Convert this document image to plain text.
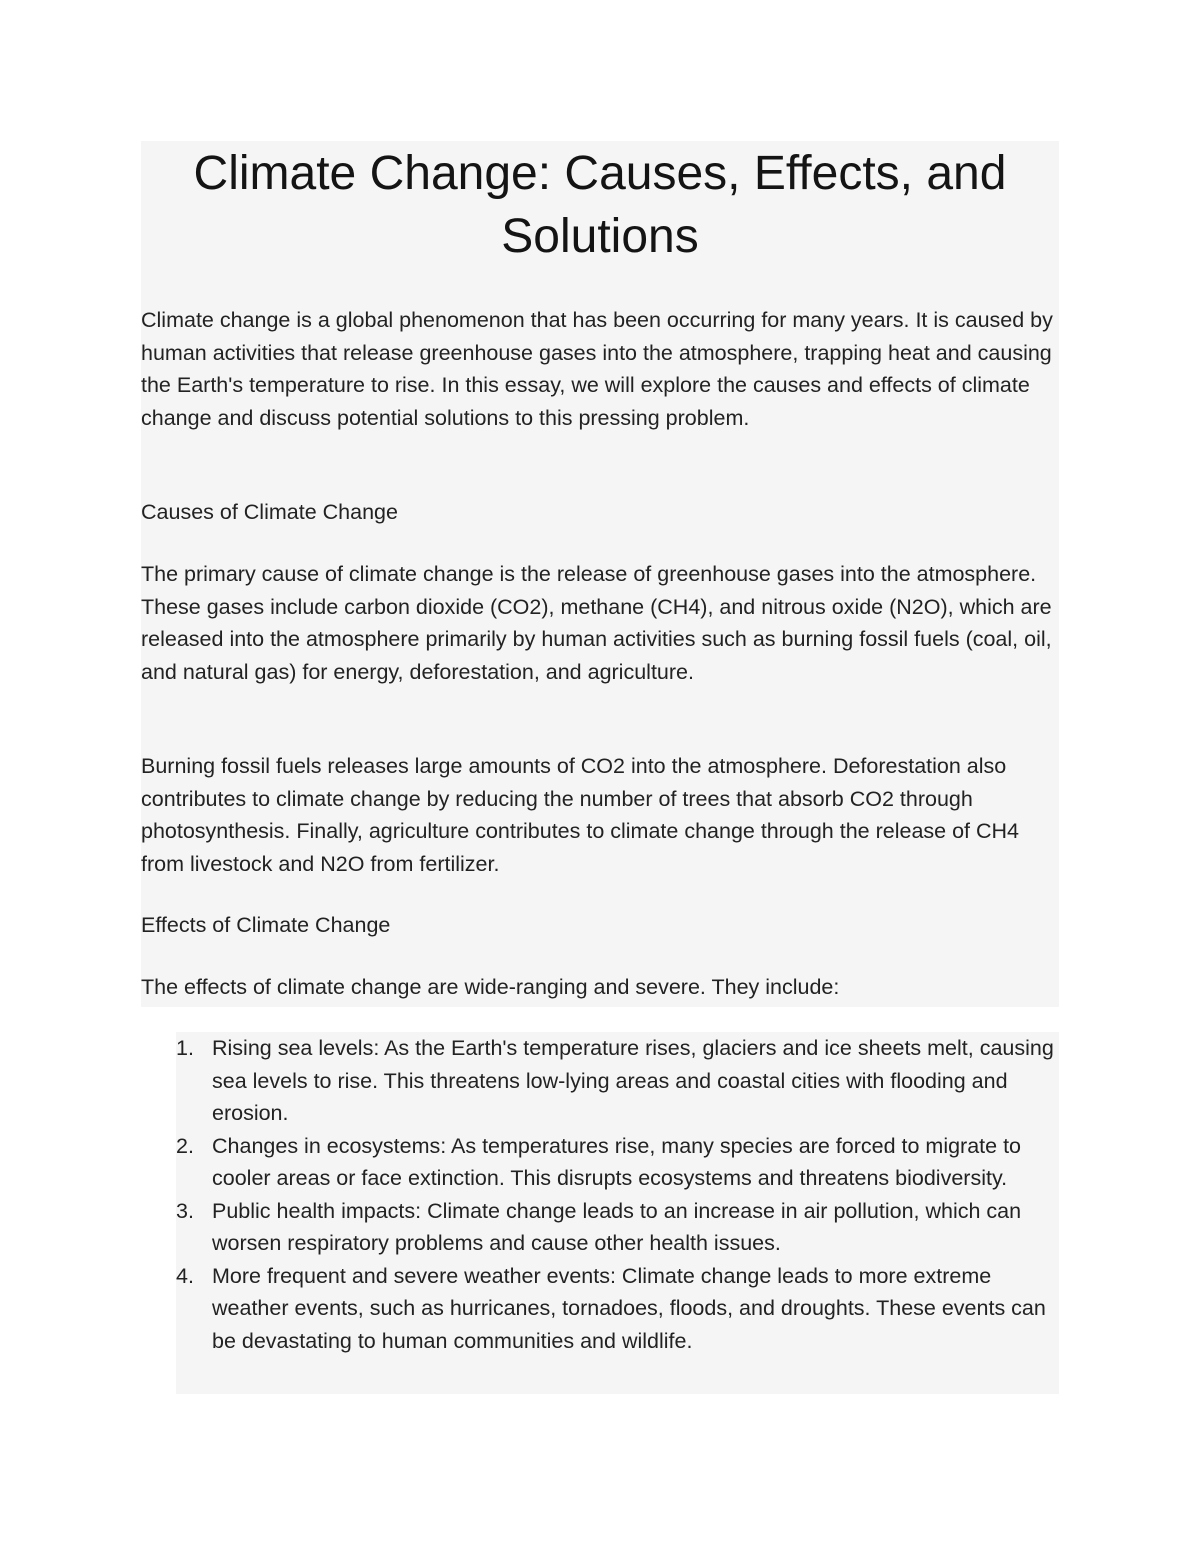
Climate Change: Causes, Effects, and Solutions

Climate change is a global phenomenon that has been occurring for many years. It is caused by human activities that release greenhouse gases into the atmosphere, trapping heat and causing the Earth's temperature to rise. In this essay, we will explore the causes and effects of climate change and discuss potential solutions to this pressing problem.

Causes of Climate Change

The primary cause of climate change is the release of greenhouse gases into the atmosphere. These gases include carbon dioxide (CO2), methane (CH4), and nitrous oxide (N2O), which are released into the atmosphere primarily by human activities such as burning fossil fuels (coal, oil, and natural gas) for energy, deforestation, and agriculture.

Burning fossil fuels releases large amounts of CO2 into the atmosphere. Deforestation also contributes to climate change by reducing the number of trees that absorb CO2 through photosynthesis. Finally, agriculture contributes to climate change through the release of CH4 from livestock and N2O from fertilizer.

Effects of Climate Change

The effects of climate change are wide-ranging and severe. They include:

1. Rising sea levels: As the Earth's temperature rises, glaciers and ice sheets melt, causing sea levels to rise. This threatens low-lying areas and coastal cities with flooding and erosion.
2. Changes in ecosystems: As temperatures rise, many species are forced to migrate to cooler areas or face extinction. This disrupts ecosystems and threatens biodiversity.
3. Public health impacts: Climate change leads to an increase in air pollution, which can worsen respiratory problems and cause other health issues.
4. More frequent and severe weather events: Climate change leads to more extreme weather events, such as hurricanes, tornadoes, floods, and droughts. These events can be devastating to human communities and wildlife.
